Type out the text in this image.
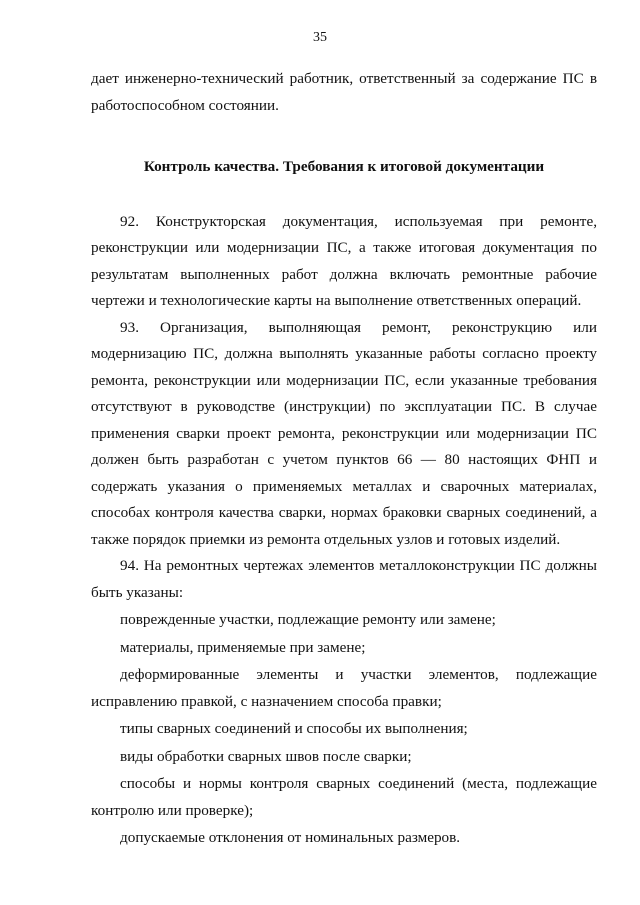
35

дает инженерно-технический работник, ответственный за содержание ПС в работоспособном состоянии.

Контроль качества. Требования к итоговой документации

92. Конструкторская документация, используемая при ремонте, реконструкции или модернизации ПС, а также итоговая документация по результатам выполненных работ должна включать ремонтные рабочие чертежи и технологические карты на выполнение ответственных операций.

93. Организация, выполняющая ремонт, реконструкцию или модернизацию ПС, должна выполнять указанные работы согласно проекту ремонта, реконструкции или модернизации ПС, если указанные требования отсутствуют в руководстве (инструкции) по эксплуатации ПС. В случае применения сварки проект ремонта, реконструкции или модернизации ПС должен быть разработан с учетом пунктов 66 — 80 настоящих ФНП и содержать указания о применяемых металлах и сварочных материалах, способах контроля качества сварки, нормах браковки сварных соединений, а также порядок приемки из ремонта отдельных узлов и готовых изделий.

94. На ремонтных чертежах элементов металлоконструкции ПС должны быть указаны:

поврежденные участки, подлежащие ремонту или замене;

материалы, применяемые при замене;

деформированные элементы и участки элементов, подлежащие исправлению правкой, с назначением способа правки;

типы сварных соединений и способы их выполнения;

виды обработки сварных швов после сварки;

способы и нормы контроля сварных соединений (места, подлежащие контролю или проверке);

допускаемые отклонения от номинальных размеров.
